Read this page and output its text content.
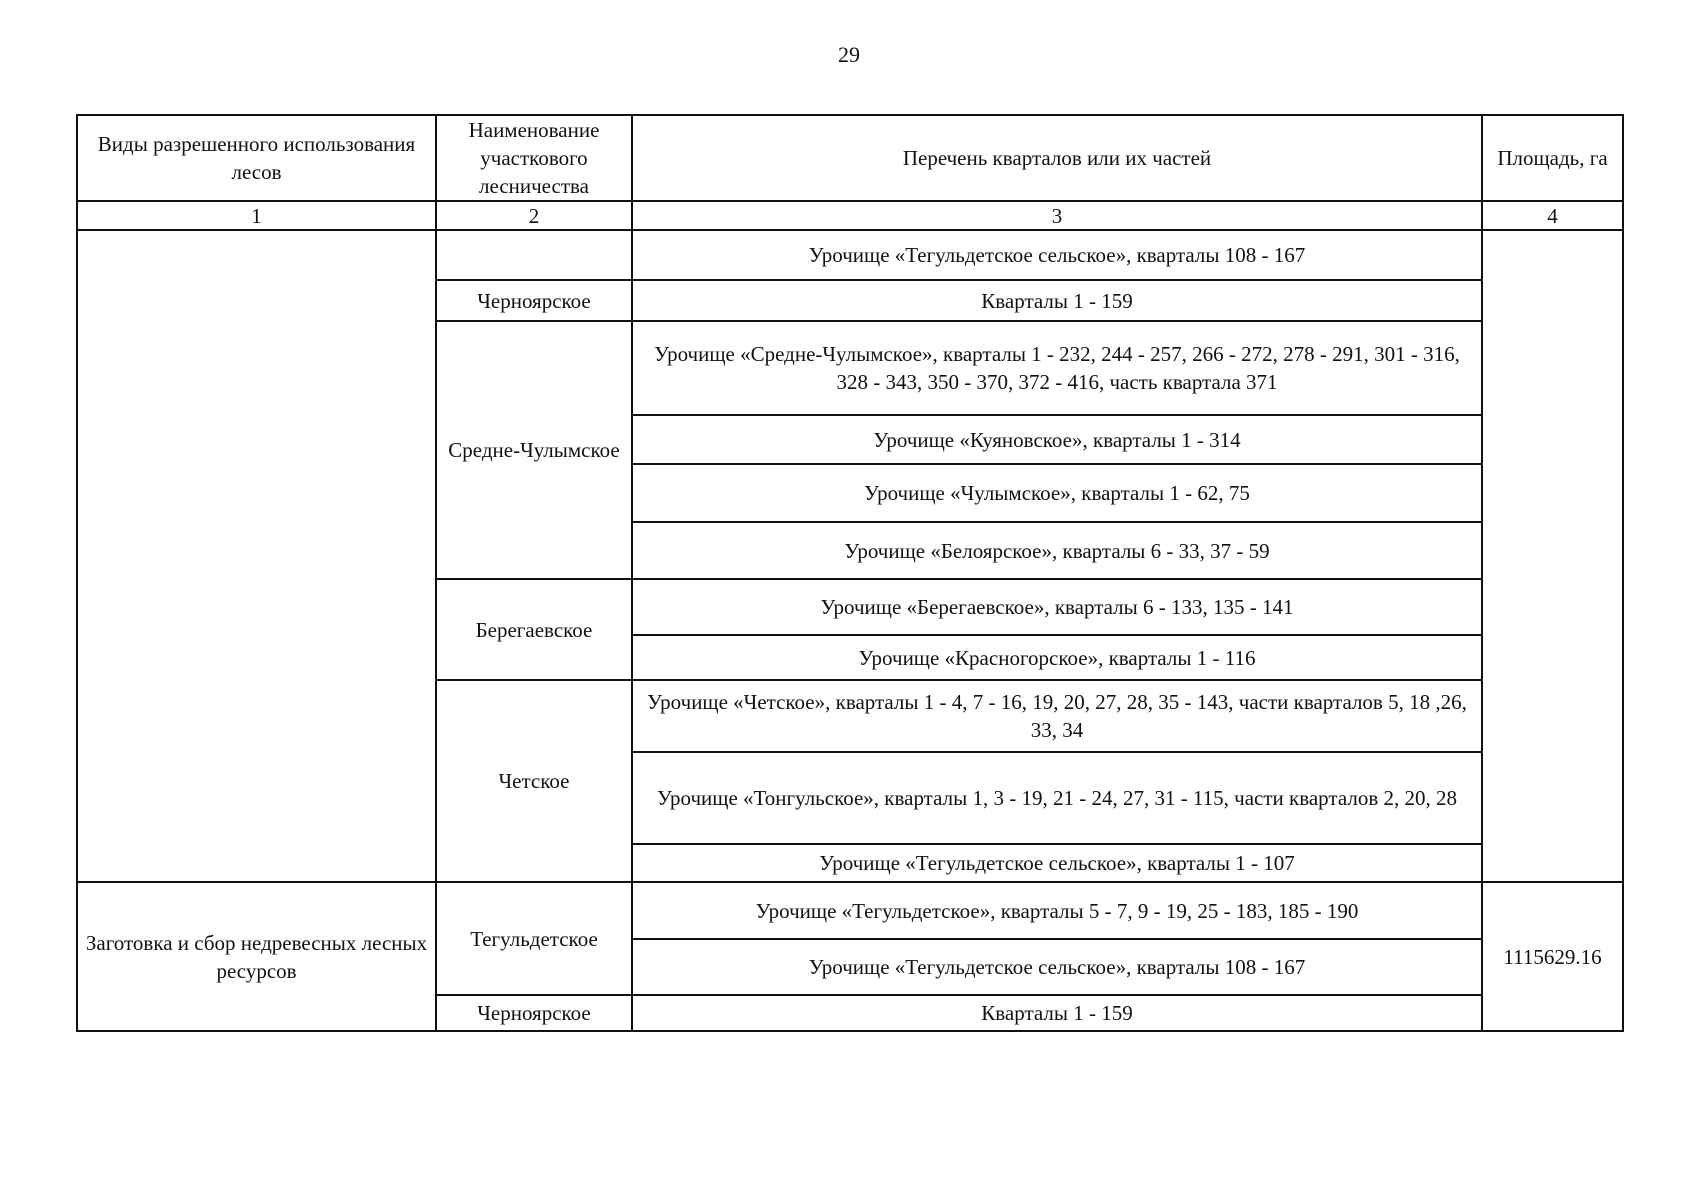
29
Виды разрешенного использования лесов	Наименование участкового лесничества	Перечень кварталов или их частей	Площадь, га
1	2	3	4
		Урочище «Тегульдетское сельское», кварталы 108 - 167	
	Черноярское	Кварталы 1 - 159	
	Средне-Чулымское	Урочище «Средне-Чулымское», кварталы 1 - 232, 244 - 257, 266 - 272, 278 - 291, 301 - 316, 328 - 343, 350 - 370, 372 - 416, часть квартала 371	
		Урочище «Куяновское», кварталы 1 - 314	
		Урочище «Чулымское», кварталы 1 - 62, 75	
		Урочище «Белоярское», кварталы 6 - 33, 37 - 59	
	Берегаевское	Урочище «Берегаевское», кварталы 6 - 133, 135 - 141	
		Урочище «Красногорское», кварталы 1 - 116	
	Четское	Урочище «Четское», кварталы 1 - 4, 7 - 16, 19, 20, 27, 28, 35 - 143, части кварталов 5, 18 ,26, 33, 34	
		Урочище «Тонгульское», кварталы 1, 3 - 19, 21 - 24, 27, 31 - 115, части кварталов 2, 20, 28	
		Урочище «Тегульдетское сельское», кварталы 1 - 107	
Заготовка и сбор недревесных лесных ресурсов	Тегульдетское	Урочище «Тегульдетское», кварталы 5 - 7, 9 - 19, 25 - 183, 185 - 190	1115629.16
		Урочище «Тегульдетское сельское», кварталы 108 - 167	
	Черноярское	Кварталы 1 - 159	
